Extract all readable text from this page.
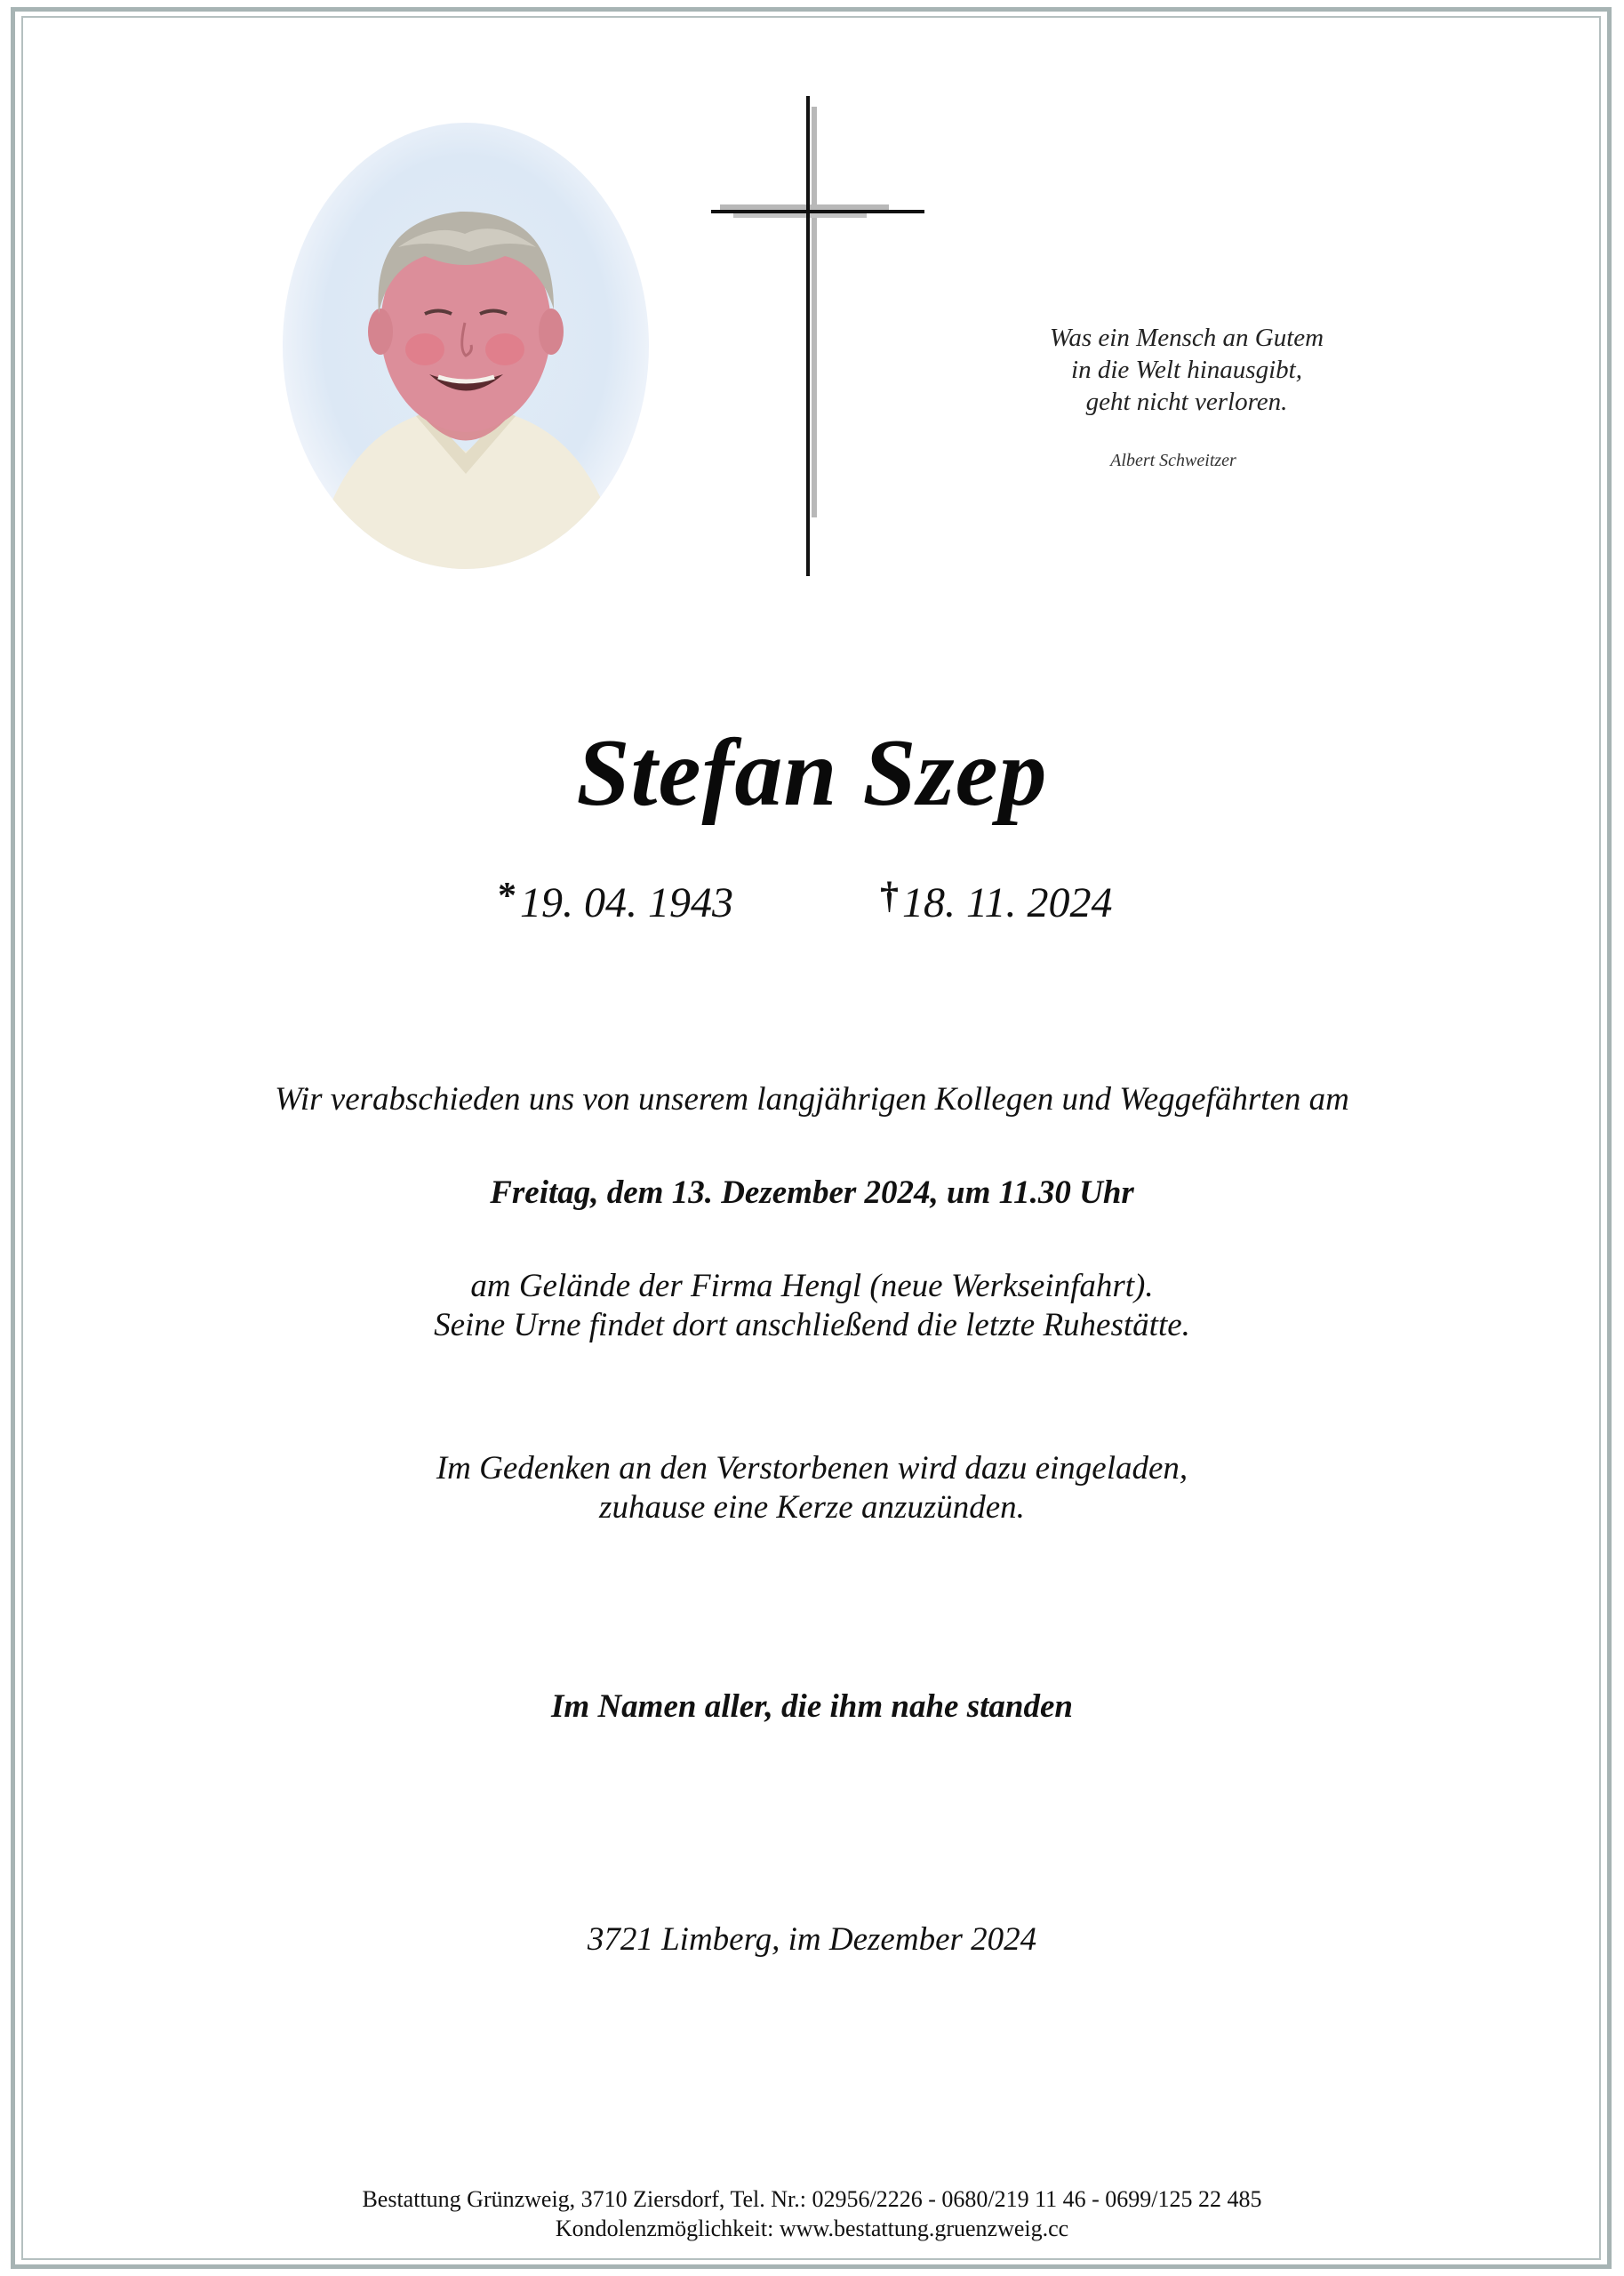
Was ein Mensch an Gutem
in die Welt hinausgibt,
geht nicht verloren.
Albert Schweitzer
Stefan Szep
*19. 04. 1943	†18. 11. 2024
Wir verabschieden uns von unserem langjährigen Kollegen und Weggefährten am
Freitag, dem 13. Dezember 2024, um 11.30 Uhr
am Gelände der Firma Hengl (neue Werkseinfahrt).
Seine Urne findet dort anschließend die letzte Ruhestätte.
Im Gedenken an den Verstorbenen wird dazu eingeladen,
zuhause eine Kerze anzuzünden.
Im Namen aller, die ihm nahe standen
3721 Limberg, im Dezember 2024
Bestattung Grünzweig, 3710 Ziersdorf, Tel. Nr.: 02956/2226 - 0680/219 11 46 - 0699/125 22 485
Kondolenzmöglichkeit: www.bestattung.gruenzweig.cc
